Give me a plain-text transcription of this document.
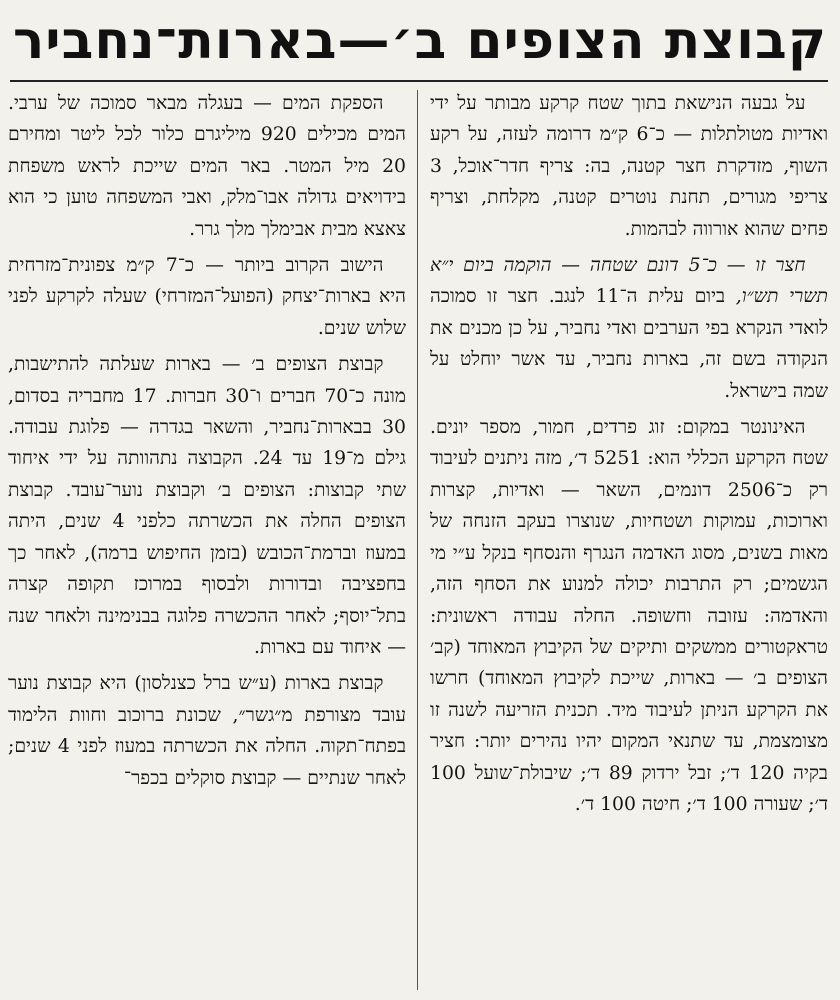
קבוצת הצופים ב׳—בארות־נחביר

על גבעה הנישאת בתוך שטח קרקע מבותר על ידי ואדיות מטולתלות — כ־6 ק״מ דרומה לעזה, על רקע השוף, מזדקרת חצר קטנה, בה: צריף חדר־אוכל, 3 צריפי מגורים, תחנת נוטרים קטנה, מקלחת, וצריף פחים שהוא אורווה לבהמות.

חצר זו — כ־5 דונם שטחה — הוקמה ביום י״א תשרי תש״ו, ביום עלית ה־11 לנגב. חצר זו סמוכה לואדי הנקרא בפי הערבים ואדי נחביר, על כן מכנים את הנקודה בשם זה, בארות נחביר, עד אשר יוחלט על שמה בישראל.

האינונטר במקום: זוג פרדים, חמור, מספר יונים. שטח הקרקע הכללי הוא: 5251 ד׳, מזה ניתנים לעיבוד רק כ־2506 דונמים, השאר — ואדיות, קצרות וארוכות, עמוקות ושטחיות, שנוצרו בעקב הזנחה של מאות בשנים, מסוג האדמה הנגרף והנסחף בנקל ע״י מי הגשמים; רק התרבות יכולה למנוע את הסחף הזה, והאדמה: עזובה וחשופה. החלה עבודה ראשונית: טראקטורים ממשקים ותיקים של הקיבוץ המאוחד (קב׳ הצופים ב׳ — בארות, שייכת לקיבוץ המאוחד) חרשו את הקרקע הניתן לעיבוד מיד. תכנית הזריעה לשנה זו מצומצמת, עד שתנאי המקום יהיו נהירים יותר: חציר בקיה 120 ד׳; זבל ירדוק 89 ד׳; שיבולת־שועל 100 ד׳; שעורה 100 ד׳; חיטה 100 ד׳.

הספקת המים — בעגלה מבאר סמוכה של ערבי. המים מכילים 920 מיליגרם כלור לכל ליטר ומחירם 20 מיל המטר. באר המים שייכת לראש משפחת בידויאים גדולה אבו־מלק, ואבי המשפחה טוען כי הוא צאצא מבית אבימלך מלך גרר.

הישוב הקרוב ביותר — כ־7 ק״מ צפונית־מזרחית היא בארות־יצחק (הפועל־המזרחי) שעלה לקרקע לפני שלוש שנים.

קבוצת הצופים ב׳ — בארות שעלתה להתישבות, מונה כ־70 חברים ו־30 חברות. 17 מחבריה בסדום, 30 בבארות־נחביר, והשאר בגדרה — פלוגת עבודה. גילם מ־19 עד 24. הקבוצה נתהוותה על ידי איחוד שתי קבוצות: הצופים ב׳ וקבוצת נוער־עובד. קבוצת הצופים החלה את הכשרתה כלפני 4 שנים, היתה במעוז וברמת־הכובש (בזמן החיפוש ברמה), לאחר כך בחפציבה ובדורות ולבסוף במרוכז תקופה קצרה בתל־יוסף; לאחר ההכשרה פלוגה בבנימינה ולאחר שנה — איחוד עם בארות.

קבוצת בארות (ע״ש ברל כצנלסון) היא קבוצת נוער עובד מצורפת מ״גשר״, שכונת ברוכוב וחוות הלימוד בפתח־תקוה. החלה את הכשרתה במעוז לפני 4 שנים; לאחר שנתיים — קבוצת סוקלים בכפר־
